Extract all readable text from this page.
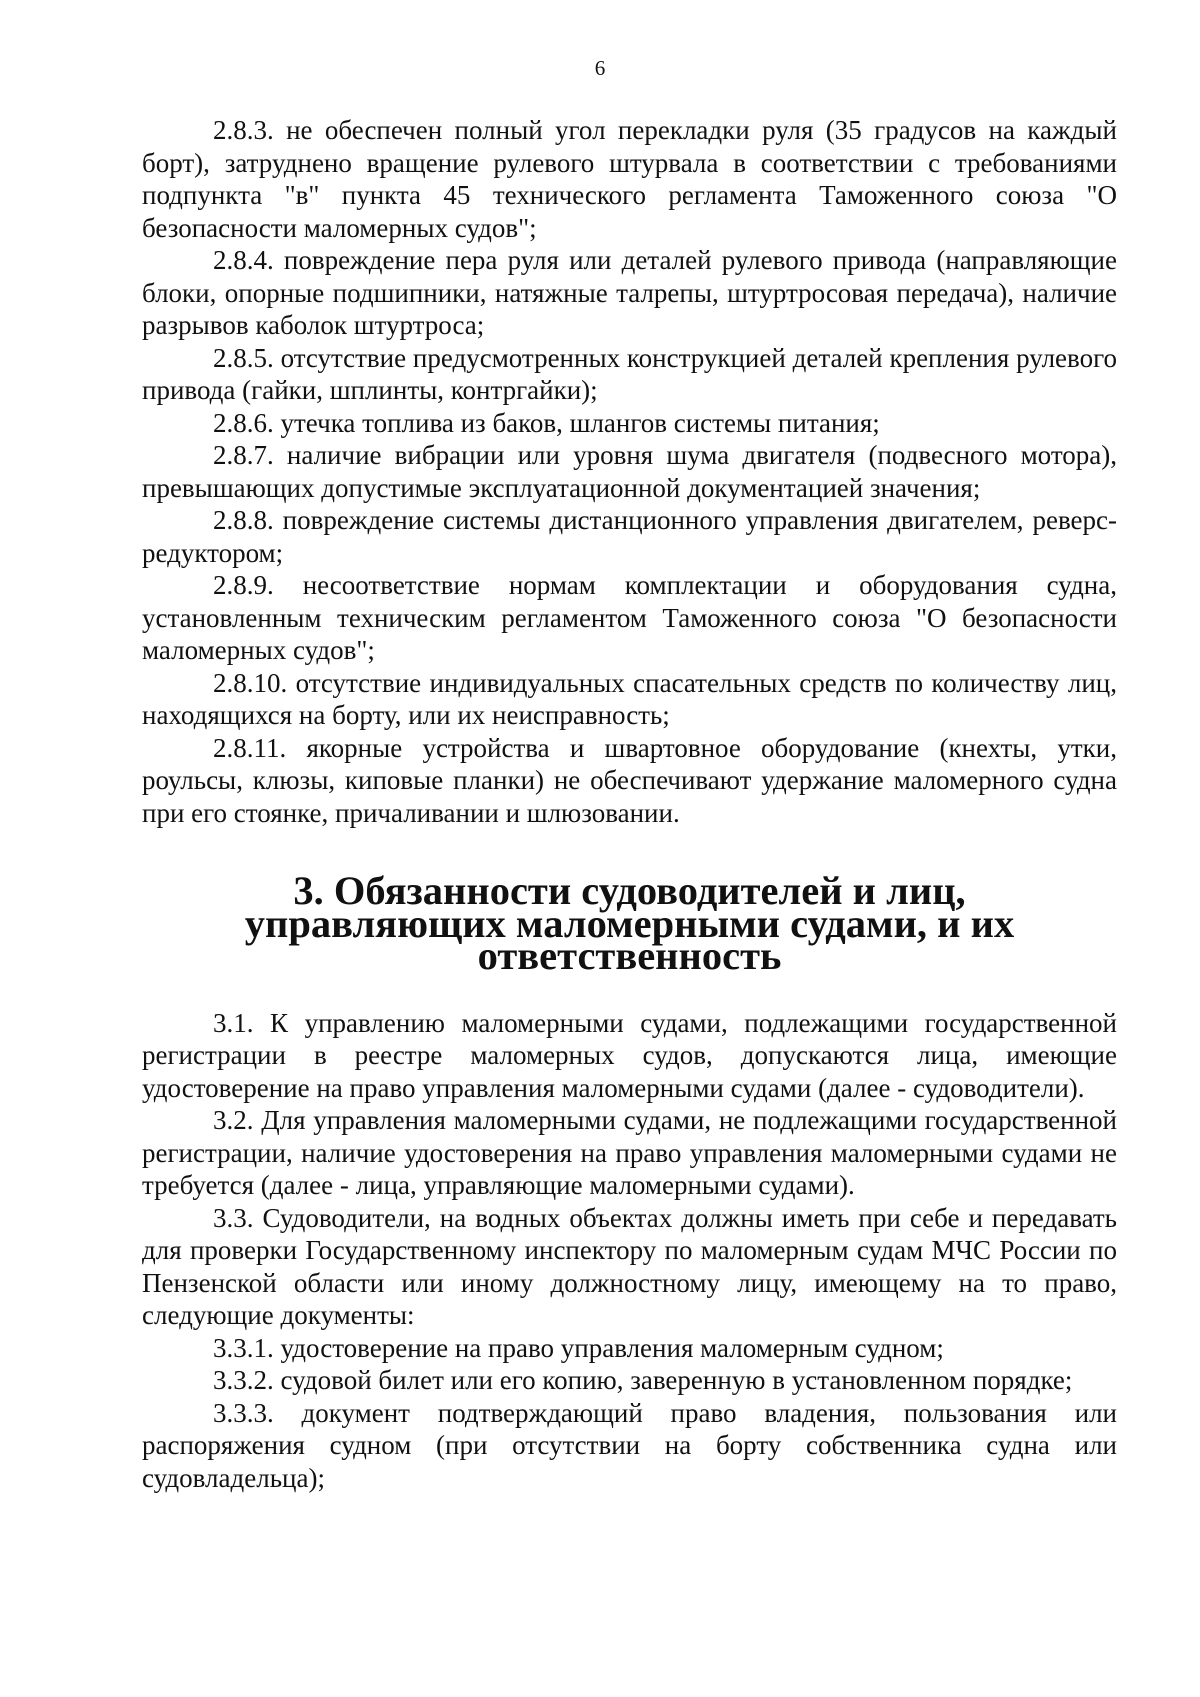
6

2.8.3. не обеспечен полный угол перекладки руля (35 градусов на каждый борт), затруднено вращение рулевого штурвала в соответствии с требованиями подпункта "в" пункта 45 технического регламента Таможенного союза "О безопасности маломерных судов";

2.8.4. повреждение пера руля или деталей рулевого привода (направляющие блоки, опорные подшипники, натяжные талрепы, штуртросовая передача), наличие разрывов каболок штуртроса;

2.8.5. отсутствие предусмотренных конструкцией деталей крепления рулевого привода (гайки, шплинты, контргайки);

2.8.6. утечка топлива из баков, шлангов системы питания;

2.8.7. наличие вибрации или уровня шума двигателя (подвесного мотора), превышающих допустимые эксплуатационной документацией значения;

2.8.8. повреждение системы дистанционного управления двигателем, реверс-редуктором;

2.8.9. несоответствие нормам комплектации и оборудования судна, установленным техническим регламентом Таможенного союза "О безопасности маломерных судов";

2.8.10. отсутствие индивидуальных спасательных средств по количеству лиц, находящихся на борту, или их неисправность;

2.8.11. якорные устройства и швартовное оборудование (кнехты, утки, роульсы, клюзы, киповые планки) не обеспечивают удержание маломерного судна при его стоянке, причаливании и шлюзовании.

3. Обязанности судоводителей и лиц,
управляющих маломерными судами, и их ответственность

3.1. К управлению маломерными судами, подлежащими государственной регистрации в реестре маломерных судов, допускаются лица, имеющие удостоверение на право управления маломерными судами (далее - судоводители).

3.2. Для управления маломерными судами, не подлежащими государственной регистрации, наличие удостоверения на право управления маломерными судами не требуется (далее - лица, управляющие маломерными судами).

3.3. Судоводители, на водных объектах должны иметь при себе и передавать для проверки Государственному инспектору по маломерным судам МЧС России по Пензенской области или иному должностному лицу, имеющему на то право, следующие документы:

3.3.1. удостоверение на право управления маломерным судном;

3.3.2. судовой билет или его копию, заверенную в установленном порядке;

3.3.3. документ подтверждающий право владения, пользования или распоряжения судном (при отсутствии на борту собственника судна или судовладельца);
